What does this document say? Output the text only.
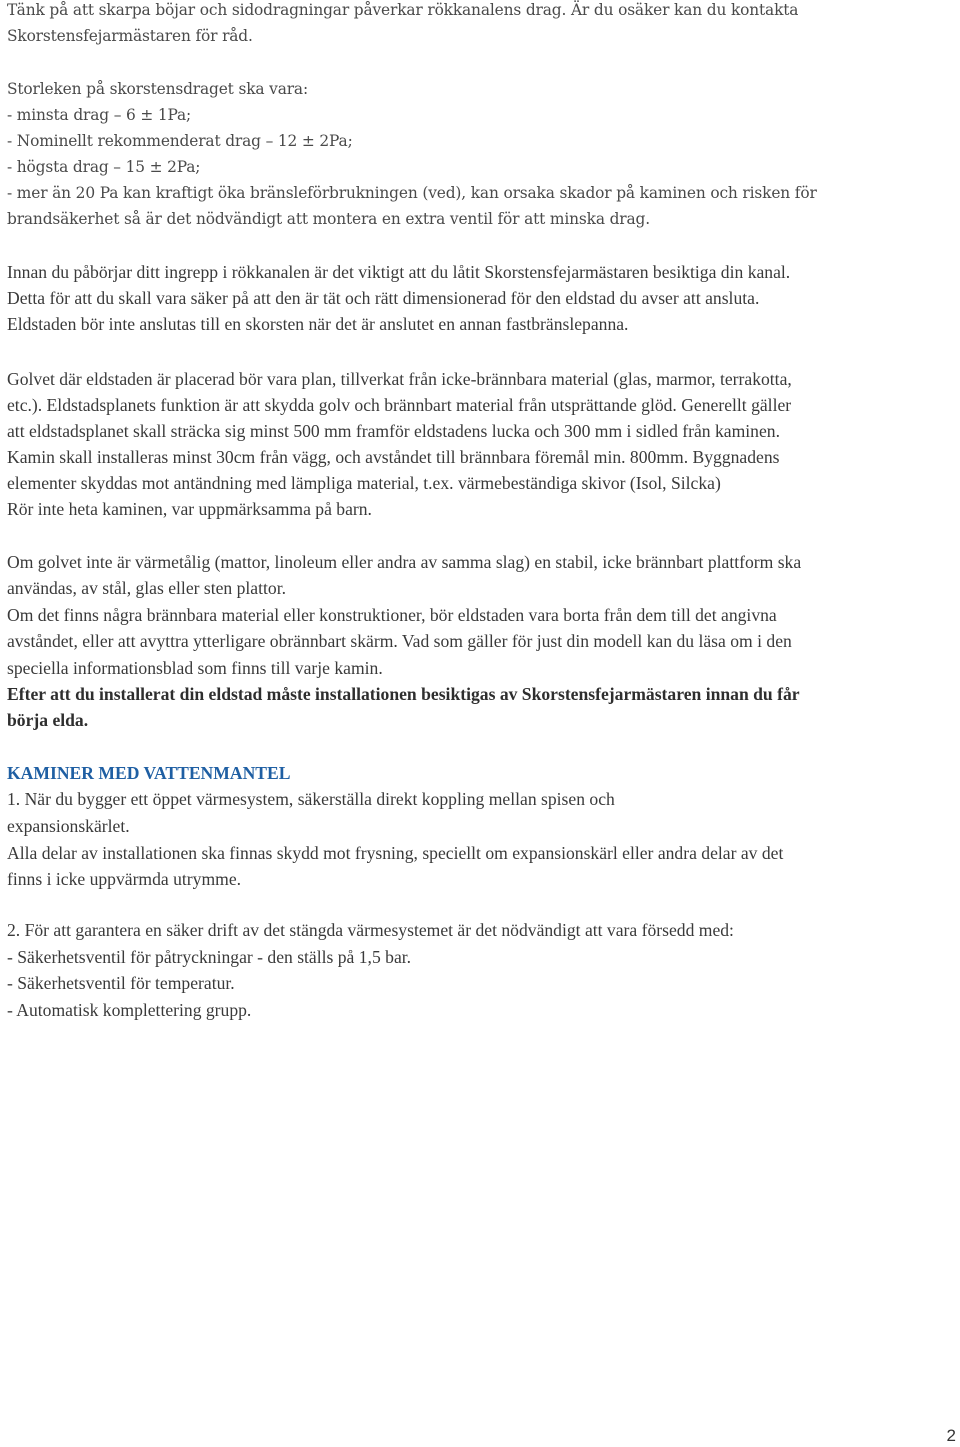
Tänk på att skarpa böjar och sidodragningar påverkar rökkanalens drag. Är du osäker kan du kontakta
Skorstensfejarmästaren för råd.
Storleken på skorstensdraget ska vara:
- minsta drag – 6 ± 1Pa;
- Nominellt rekommenderat drag – 12 ± 2Pa;
- högsta drag – 15 ± 2Pa;
- mer än 20 Pa kan kraftigt öka bränsleförbrukningen (ved), kan orsaka skador på kaminen och risken för
brandsäkerhet så är det nödvändigt att montera en extra ventil för att minska drag.
Innan du påbörjar ditt ingrepp i rökkanalen är det viktigt att du låtit Skorstensfejarmästaren besiktiga din kanal.
Detta för att du skall vara säker på att den är tät och rätt dimensionerad för den eldstad du avser att ansluta.
Eldstaden bör inte anslutas till en skorsten när det är anslutet en annan fastbränslepanna.
Golvet där eldstaden är placerad bör vara plan, tillverkat från icke-brännbara material (glas, marmor, terrakotta,
etc.). Eldstadsplanets funktion är att skydda golv och brännbart material från utsprättande glöd. Generellt gäller
att eldstadsplanet skall sträcka sig minst 500 mm framför eldstadens lucka och 300 mm i sidled från kaminen.
Kamin skall installeras minst 30cm från vägg, och avståndet till brännbara föremål min. 800mm. Byggnadens
elementer skyddas mot antändning med lämpliga material, t.ex. värmebeständiga skivor (Isol, Silcka)
Rör inte heta kaminen, var uppmärksamma på barn.
Om golvet inte är värmetålig (mattor, linoleum eller andra av samma slag) en stabil, icke brännbart plattform ska
användas, av stål, glas eller sten plattor.
Om det finns några brännbara material eller konstruktioner, bör eldstaden vara borta från dem till det angivna
avståndet, eller att avyttra ytterligare obrännbart skärm. Vad som gäller för just din modell kan du läsa om i den
speciella informationsblad som finns till varje kamin.
Efter att du installerat din eldstad måste installationen besiktigas av Skorstensfejarmästaren innan du får
börja elda.
KAMINER MED VATTENMANTEL
1. När du bygger ett öppet värmesystem, säkerställa direkt koppling mellan spisen och
expansionskärlet.
Alla delar av installationen ska finnas skydd mot frysning, speciellt om expansionskärl eller andra delar av det
finns i icke uppvärmda utrymme.
2. För att garantera en säker drift av det stängda värmesystemet är det nödvändigt att vara försedd med:
- Säkerhetsventil för påtryckningar - den ställs på 1,5 bar.
- Säkerhetsventil för temperatur.
- Automatisk komplettering grupp.
2
